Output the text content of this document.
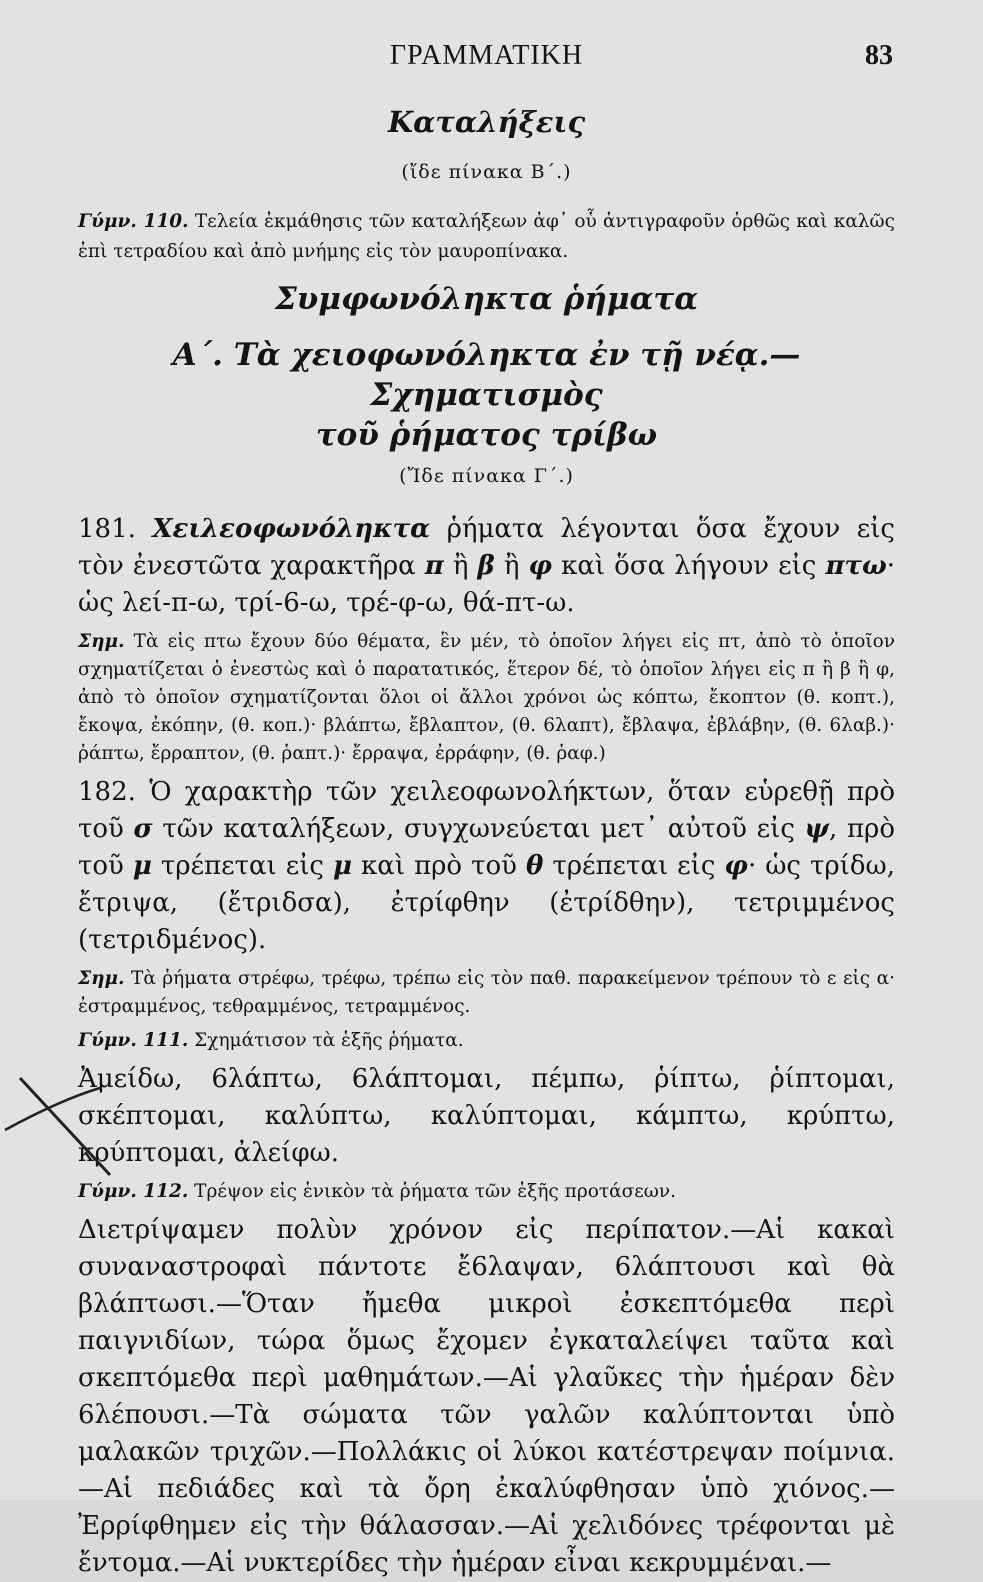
ΓΡΑΜΜΑΤΙΚΗ	83
Καταλήξεις
(ἴδε πίνακα Β΄.)
Γύμν. 110. Τελεία ἐκμάθησις τῶν καταλήξεων ἀφ᾽ οὗ ἀντιγραφοῦν ὀρθῶς καὶ καλῶς ἐπὶ τετραδίου καὶ ἀπὸ μνήμης εἰς τὸν μαυροπίνακα.
Συμφωνόληκτα ῥήματα
Α΄. Τὰ χειοφωνόληκτα ἐν τῇ νέᾳ.—Σχηματισμὸς
τοῦ ῥήματος τρίβω
(Ἴδε πίνακα Γ΄.)

181. Χειλεοφωνόληκτα ῥήματα λέγονται ὅσα ἔχουν εἰς τὸν ἐνεστῶτα χαρακτῆρα π ἢ β ἢ φ καὶ ὅσα λήγουν εἰς πτω· ὡς λεί-π-ω, τρί-6-ω, τρέ-φ-ω, θά-πτ-ω.

Σημ. Τὰ εἰς πτω ἔχουν δύο θέματα, ἓν μέν, τὸ ὁποῖον λήγει εἰς πτ, ἀπὸ τὸ ὁποῖον σχηματίζεται ὁ ἐνεστὼς καὶ ὁ παρατατικός, ἕτερον δέ, τὸ ὁποῖον λήγει εἰς π ἢ β ἢ φ, ἀπὸ τὸ ὁποῖον σχηματίζονται ὅλοι οἱ ἄλλοι χρόνοι ὡς κόπτω, ἔκοπτον (θ. κοπτ.), ἔκοψα, ἐκόπην, (θ. κοπ.)· βλάπτω, ἔβλαπτον, (θ. 6λαπτ), ἔβλαψα, ἐβλάβην, (θ. 6λαβ.)· ῥάπτω, ἔρραπτον, (θ. ῥαπτ.)· ἔρραψα, ἐρράφην, (θ. ῥαφ.)

182. Ὁ χαρακτὴρ τῶν χειλεοφωνολήκτων, ὅταν εὑρεθῇ πρὸ τοῦ σ τῶν καταλήξεων, συγχωνεύεται μετ᾽ αὐτοῦ εἰς ψ, πρὸ τοῦ μ τρέπεται εἰς μ καὶ πρὸ τοῦ θ τρέπεται εἰς φ· ὡς τρίδω, ἔτριψα, (ἔτριδσα), ἐτρίφθην (ἐτρίδθην), τετριμμένος (τετριδμένος).

Σημ. Τὰ ῥήματα στρέφω, τρέφω, τρέπω εἰς τὸν παθ. παρακείμενον τρέπουν τὸ ε εἰς α· ἐστραμμένος, τεθραμμένος, τετραμμένος.

Γύμν. 111. Σχημάτισον τὰ ἑξῆς ῥήματα.

Ἀμείδω, 6λάπτω, 6λάπτομαι, πέμπω, ῥίπτω, ῥίπτομαι, σκέπτομαι, καλύπτω, καλύπτομαι, κάμπτω, κρύπτω, κρύπτομαι, ἀλείφω.

Γύμν. 112. Τρέψον εἰς ἑνικὸν τὰ ῥήματα τῶν ἑξῆς προτάσεων.

Διετρίψαμεν πολὺν χρόνον εἰς περίπατον.—Αἱ κακαὶ συναναστροφαὶ πάντοτε ἔ6λαψαν, 6λάπτουσι καὶ θὰ βλάπτωσι.—Ὅταν ἤμεθα μικροὶ ἐσκεπτόμεθα περὶ παιγνιδίων, τώρα ὅμως ἔχομεν ἐγκαταλείψει ταῦτα καὶ σκεπτόμεθα περὶ μαθημάτων.—Αἱ γλαῦκες τὴν ἡμέραν δὲν 6λέπουσι.—Τὰ σώματα τῶν γαλῶν καλύπτονται ὑπὸ μαλακῶν τριχῶν.—Πολλάκις οἱ λύκοι κατέστρεψαν ποίμνια.—Αἱ πεδιάδες καὶ τὰ ὄρη ἐκαλύφθησαν ὑπὸ χιόνος.—Ἐρρίφθημεν εἰς τὴν θάλασσαν.—Αἱ χελιδόνες τρέφονται μὲ ἔντομα.—Αἱ νυκτερίδες τὴν ἡμέραν εἶναι κεκρυμμέναι.—
